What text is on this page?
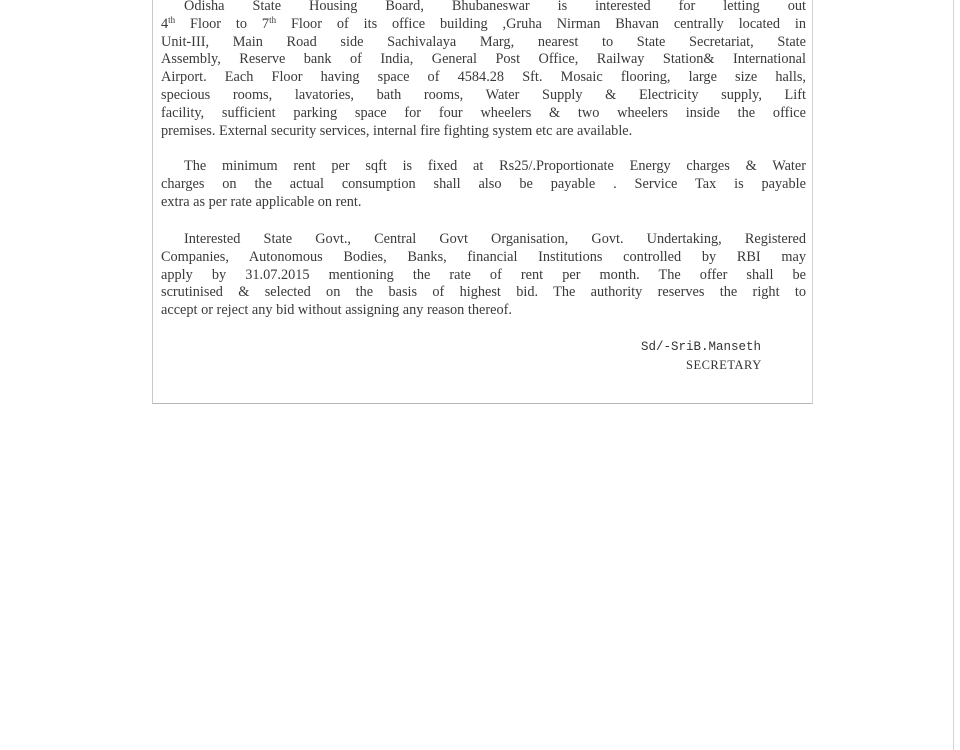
Odisha State Housing Board, Bhubaneswar is interested for letting out
4th Floor to 7th Floor of its office building ,Gruha Nirman Bhavan centrally located in
Unit-III, Main Road side Sachivalaya Marg, nearest to State Secretariat, State
Assembly, Reserve bank of India, General Post Office, Railway Station& International
Airport. Each Floor having space of 4584.28 Sft. Mosaic flooring, large size halls,
specious rooms, lavatories, bath rooms, Water Supply & Electricity supply, Lift
facility, sufficient parking space for four wheelers & two wheelers inside the office
premises. External security services, internal fire fighting system etc are available.
The minimum rent per sqft is fixed at Rs25/.Proportionate Energy charges & Water
charges on the actual consumption shall also be payable . Service Tax is payable
extra as per rate applicable on rent.
Interested State Govt., Central Govt Organisation, Govt. Undertaking, Registered
Companies, Autonomous Bodies, Banks, financial Institutions controlled by RBI may
apply by 31.07.2015 mentioning the rate of rent per month. The offer shall be
scrutinised & selected on the basis of highest bid. The authority reserves the right to
accept or reject any bid without assigning any reason thereof.
Sd/-SriB.Manseth
SECRETARY
